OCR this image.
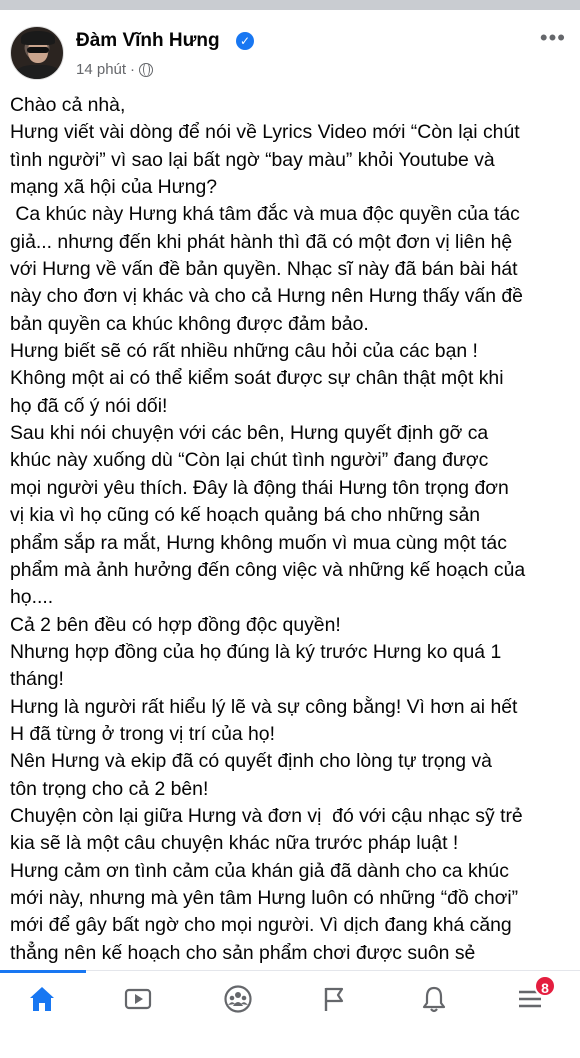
Đàm Vĩnh Hưng	✓
14 phút ·
•••

Chào cả nhà,

Hưng viết vài dòng để nói về Lyrics Video mới “Còn lại chút

tình người” vì sao lại bất ngờ “bay màu” khỏi Youtube và

mạng xã hội của Hưng?

Ca khúc này Hưng khá tâm đắc và mua độc quyền của tác

giả... nhưng đến khi phát hành thì đã có một đơn vị liên hệ

với Hưng về vấn đề bản quyền. Nhạc sĩ này đã bán bài hát

này cho đơn vị khác và cho cả Hưng nên Hưng thấy vấn đề

bản quyền ca khúc không được đảm bảo.

Hưng biết sẽ có rất nhiều những câu hỏi của các bạn !

Không một ai có thể kiểm soát được sự chân thật một khi

họ đã cố ý nói dối!

Sau khi nói chuyện với các bên, Hưng quyết định gỡ ca

khúc này xuống dù “Còn lại chút tình người” đang được

mọi người yêu thích. Đây là động thái Hưng tôn trọng đơn

vị kia vì họ cũng có kế hoạch quảng bá cho những sản

phẩm sắp ra mắt, Hưng không muốn vì mua cùng một tác

phẩm mà ảnh hưởng đến công việc và những kế hoạch của

họ....

Cả 2 bên đều có hợp đồng độc quyền!

Nhưng hợp đồng của họ đúng là ký trước Hưng ko quá 1

tháng!

Hưng là người rất hiểu lý lẽ và sự công bằng! Vì hơn ai hết

H đã từng ở trong vị trí của họ!

Nên Hưng và ekip đã có quyết định cho lòng tự trọng và

tôn trọng cho cả 2 bên!

Chuyện còn lại giữa Hưng và đơn vị  đó với cậu nhạc sỹ trẻ

kia sẽ là một câu chuyện khác nữa trước pháp luật !

Hưng cảm ơn tình cảm của khán giả đã dành cho ca khúc

mới này, nhưng mà yên tâm Hưng luôn có những “đồ chơi”

mới để gây bất ngờ cho mọi người. Vì dịch đang khá căng

thẳng nên kế hoạch cho sản phẩm chơi được suôn sẻ

8
